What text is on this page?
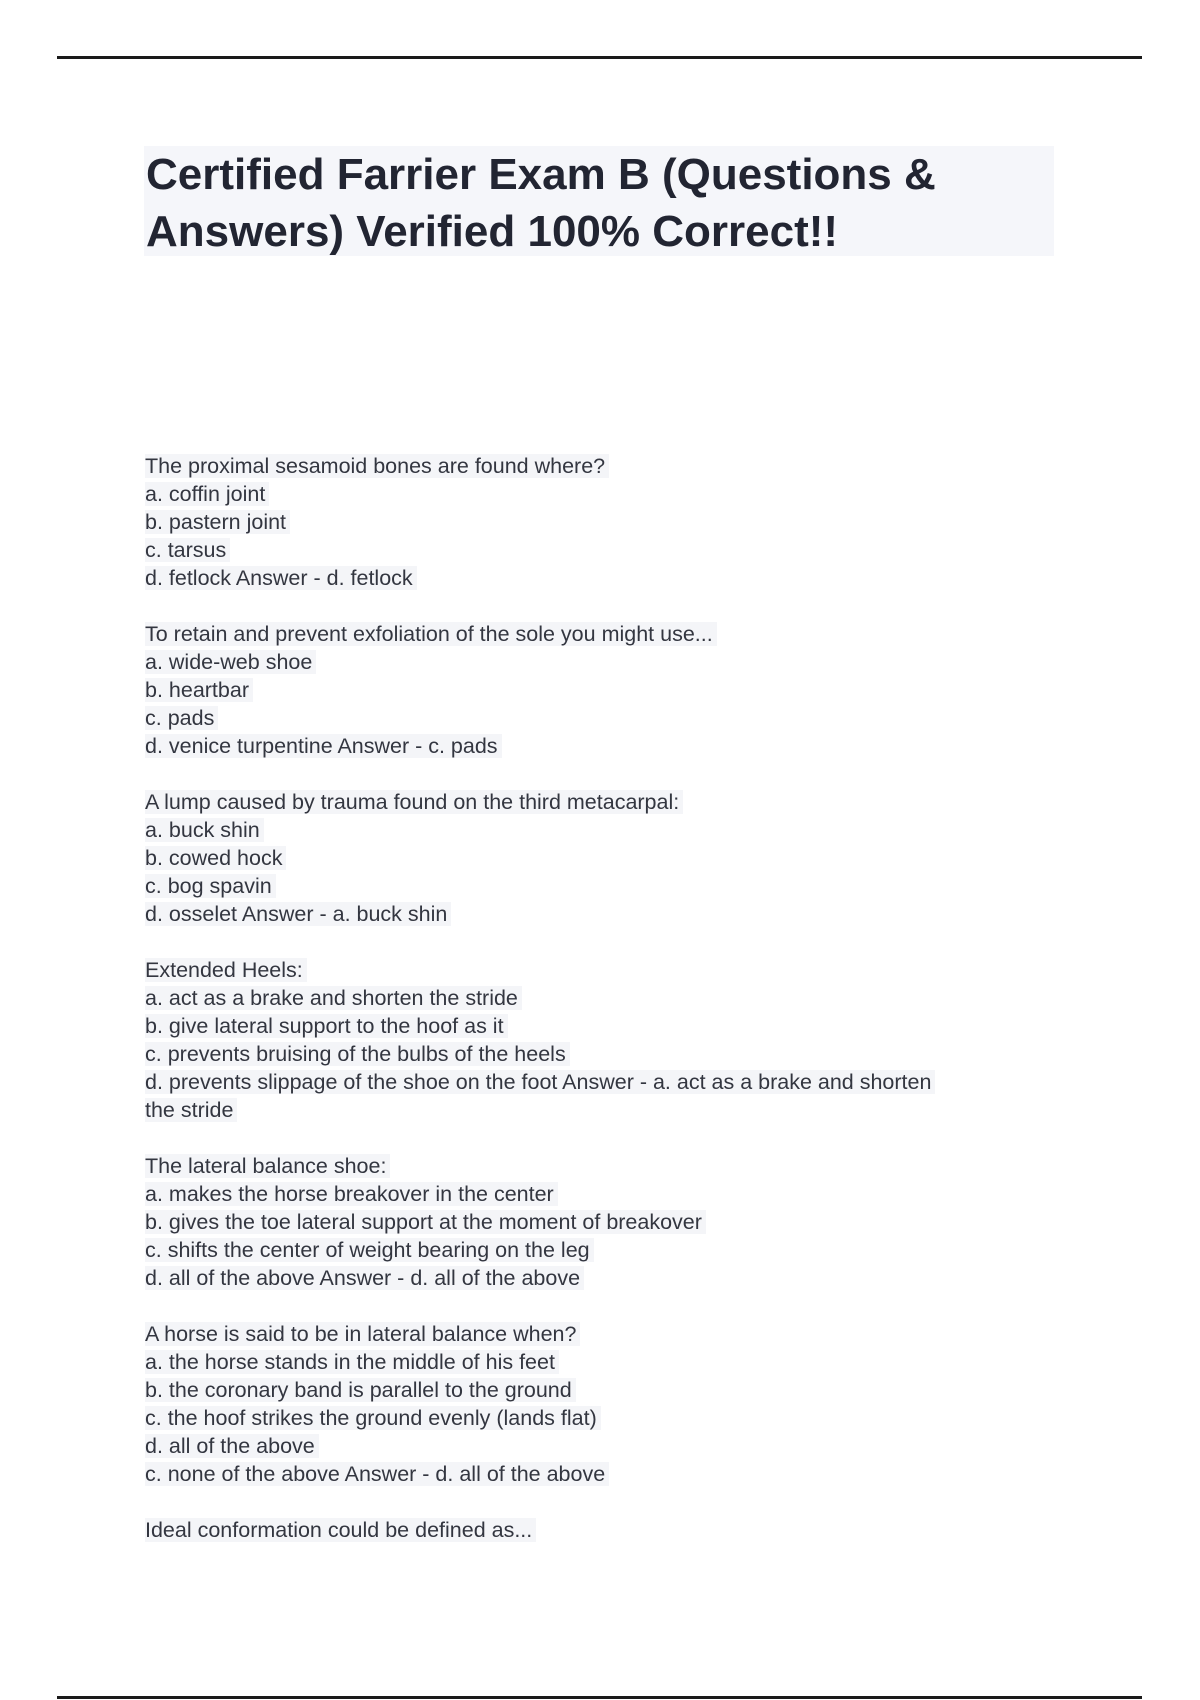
Certified Farrier Exam B (Questions & Answers) Verified 100% Correct!!
The proximal sesamoid bones are found where?
a. coffin joint
b. pastern joint
c. tarsus
d. fetlock Answer - d. fetlock
To retain and prevent exfoliation of the sole you might use...
a. wide-web shoe
b. heartbar
c. pads
d. venice turpentine Answer - c. pads
A lump caused by trauma found on the third metacarpal:
a. buck shin
b. cowed hock
c. bog spavin
d. osselet Answer - a. buck shin
Extended Heels:
a. act as a brake and shorten the stride
b. give lateral support to the hoof as it
c. prevents bruising of the bulbs of the heels
d. prevents slippage of the shoe on the foot Answer - a. act as a brake and shorten
the stride
The lateral balance shoe:
a. makes the horse breakover in the center
b. gives the toe lateral support at the moment of breakover
c. shifts the center of weight bearing on the leg
d. all of the above Answer - d. all of the above
A horse is said to be in lateral balance when?
a. the horse stands in the middle of his feet
b. the coronary band is parallel to the ground
c. the hoof strikes the ground evenly (lands flat)
d. all of the above
c. none of the above Answer - d. all of the above
Ideal conformation could be defined as...
